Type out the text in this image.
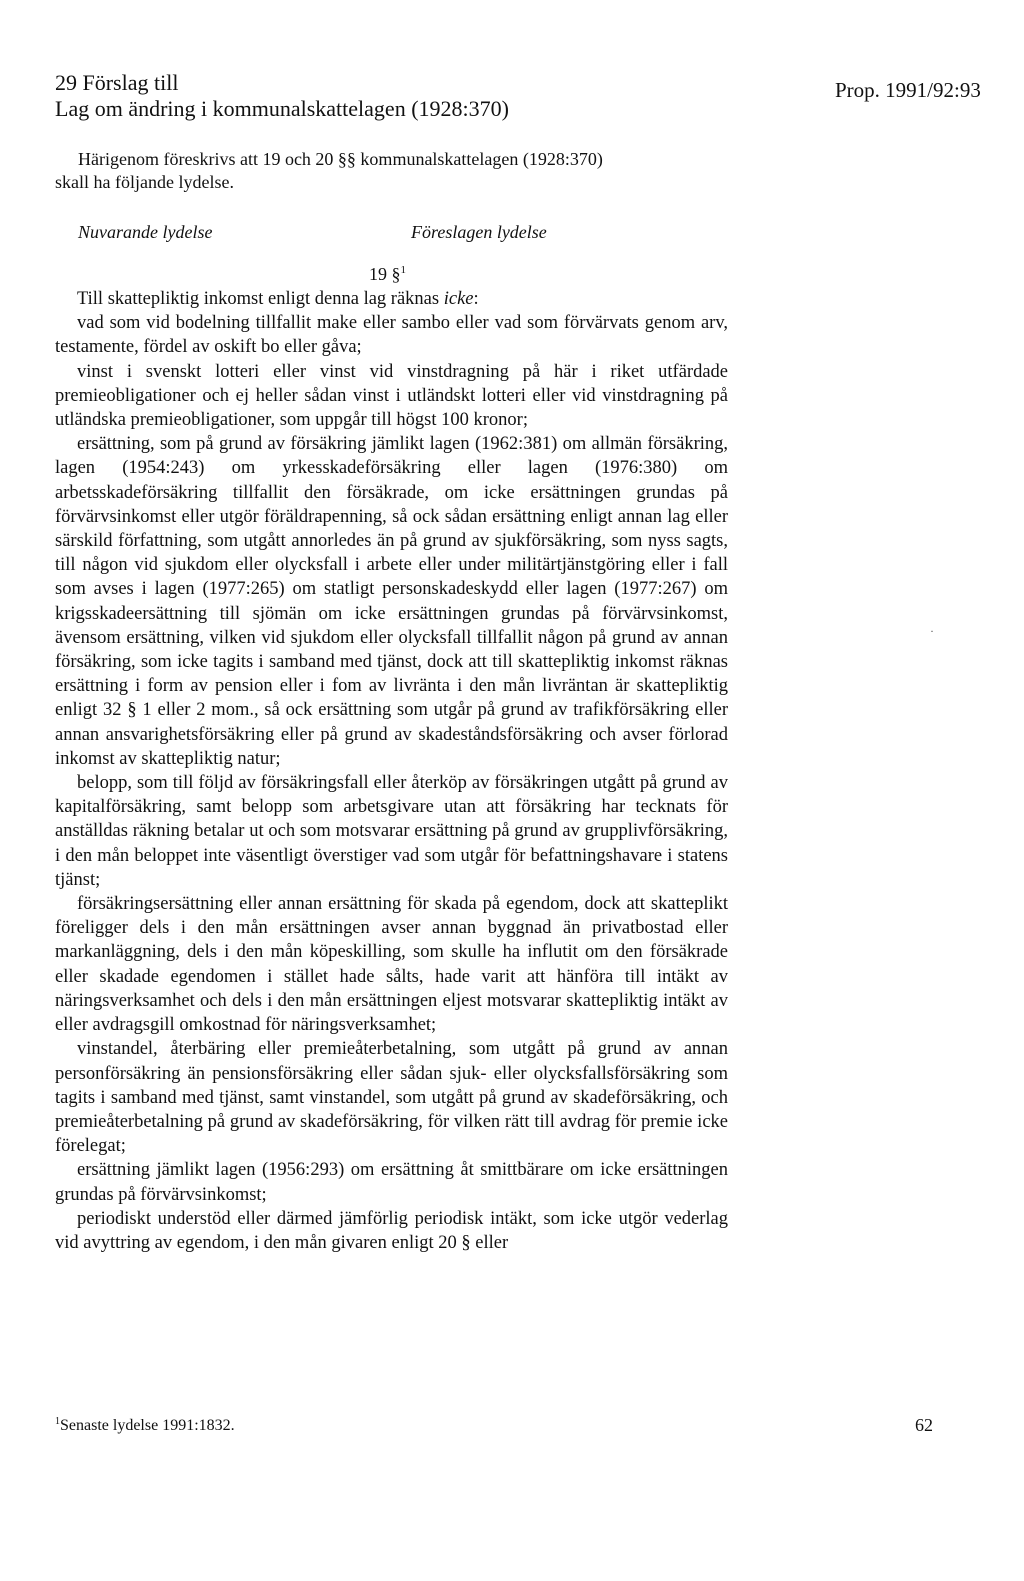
29 Förslag till
Lag om ändring i kommunalskattelagen (1928:370)
Prop. 1991/92:93
Härigenom föreskrivs att 19 och 20 §§ kommunalskattelagen (1928:370)
skall ha följande lydelse.
Nuvarande lydelse	Föreslagen lydelse
19 §$^1$

Till skattepliktig inkomst enligt denna lag räknas icke:

vad som vid bodelning tillfallit make eller sambo eller vad som förvärvats genom arv, testamente, fördel av oskift bo eller gåva;

vinst i svenskt lotteri eller vinst vid vinstdragning på här i riket utfärdade premieobligationer och ej heller sådan vinst i utländskt lotteri eller vid vinstdragning på utländska premieobligationer, som uppgår till högst 100 kronor;

ersättning, som på grund av försäkring jämlikt lagen (1962:381) om allmän försäkring, lagen (1954:243) om yrkesskadeförsäkring eller lagen (1976:380) om arbetsskadeförsäkring tillfallit den försäkrade, om icke ersättningen grundas på förvärvsinkomst eller utgör föräldrapenning, så ock sådan ersättning enligt annan lag eller särskild författning, som utgått annorledes än på grund av sjukförsäkring, som nyss sagts, till någon vid sjukdom eller olycksfall i arbete eller under militärtjänstgöring eller i fall som avses i lagen (1977:265) om statligt personskadeskydd eller lagen (1977:267) om krigsskadeersättning till sjömän om icke ersättningen grundas på förvärvsinkomst, ävensom ersättning, vilken vid sjukdom eller olycksfall tillfallit någon på grund av annan försäkring, som icke tagits i samband med tjänst, dock att till skattepliktig inkomst räknas ersättning i form av pension eller i fom av livränta i den mån livräntan är skattepliktig enligt 32 § 1 eller 2 mom., så ock ersättning som utgår på grund av trafikförsäkring eller annan ansvarighetsförsäkring eller på grund av skadeståndsförsäkring och avser förlorad inkomst av skattepliktig natur;

belopp, som till följd av försäkringsfall eller återköp av försäkringen utgått på grund av kapitalförsäkring, samt belopp som arbetsgivare utan att försäkring har tecknats för anställdas räkning betalar ut och som motsvarar ersättning på grund av grupplivförsäkring, i den mån beloppet inte väsentligt överstiger vad som utgår för befattningshavare i statens tjänst;

försäkringsersättning eller annan ersättning för skada på egendom, dock att skatteplikt föreligger dels i den mån ersättningen avser annan byggnad än privatbostad eller markanläggning, dels i den mån köpeskilling, som skulle ha influtit om den försäkrade eller skadade egendomen i stället hade sålts, hade varit att hänföra till intäkt av näringsverksamhet och dels i den mån ersättningen eljest motsvarar skattepliktig intäkt av eller avdragsgill omkostnad för näringsverksamhet;

vinstandel, återbäring eller premieåterbetalning, som utgått på grund av annan personförsäkring än pensionsförsäkring eller sådan sjuk- eller olycksfallsförsäkring som tagits i samband med tjänst, samt vinstandel, som utgått på grund av skadeförsäkring, och premieåterbetalning på grund av skadeförsäkring, för vilken rätt till avdrag för premie icke förelegat;

ersättning jämlikt lagen (1956:293) om ersättning åt smittbärare om icke ersättningen grundas på förvärvsinkomst;

periodiskt understöd eller därmed jämförlig periodisk intäkt, som icke utgör vederlag vid avyttring av egendom, i den mån givaren enligt 20 § eller

·
$^1$Senaste lydelse 1991:1832.	62
